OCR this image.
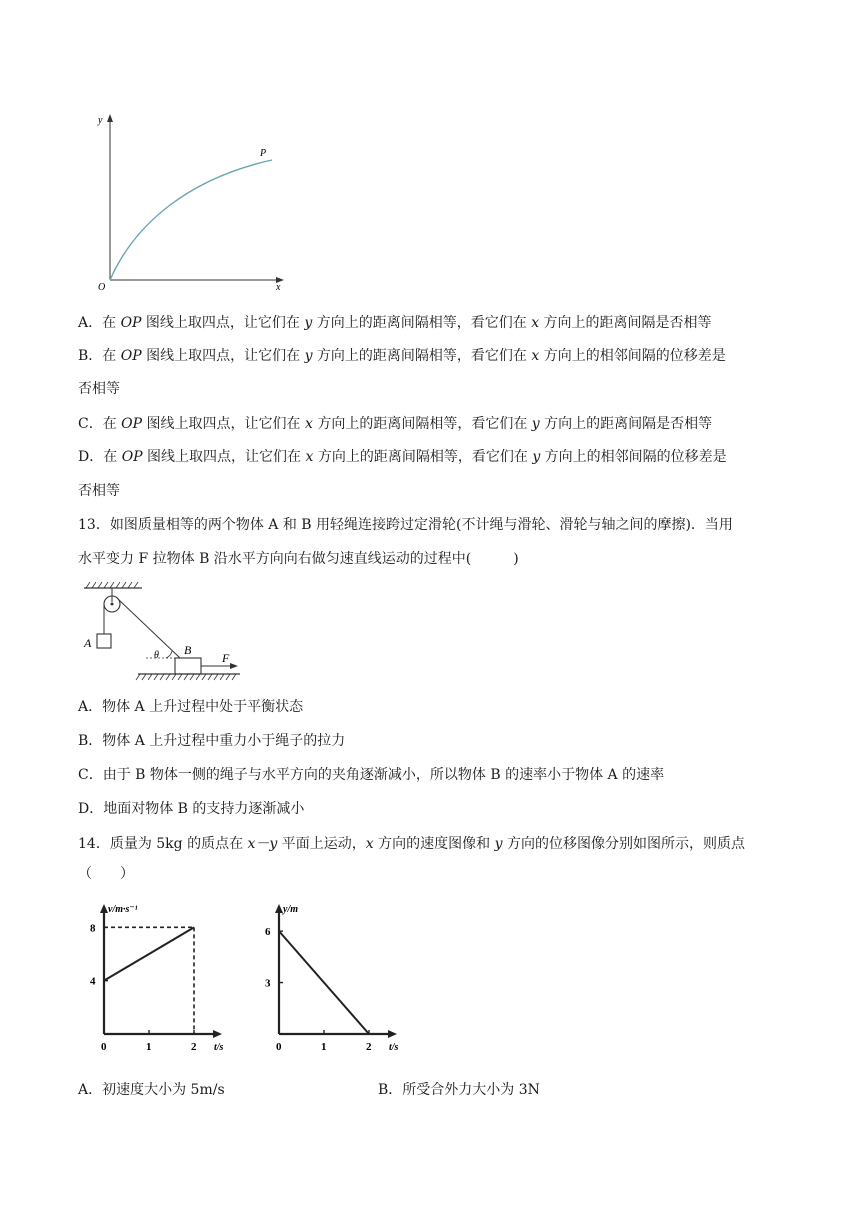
y
x
O
P
A．在 OP 图线上取四点，让它们在 y 方向上的距离间隔相等，看它们在 x 方向上的距离间隔是否相等
B．在 OP 图线上取四点，让它们在 y 方向上的距离间隔相等，看它们在 x 方向上的相邻间隔的位移差是
否相等
C．在 OP 图线上取四点，让它们在 x 方向上的距离间隔相等，看它们在 y 方向上的距离间隔是否相等
D．在 OP 图线上取四点，让它们在 x 方向上的距离间隔相等，看它们在 y 方向上的相邻间隔的位移差是
否相等
13．如图质量相等的两个物体 A 和 B 用轻绳连接跨过定滑轮(不计绳与滑轮、滑轮与轴之间的摩擦)．当用
水平变力 F 拉物体 B 沿水平方向向右做匀速直线运动的过程中(　　　)
A	B
θ	F
A．物体 A 上升过程中处于平衡状态
B．物体 A 上升过程中重力小于绳子的拉力
C．由于 B 物体一侧的绳子与水平方向的夹角逐渐减小，所以物体 B 的速率小于物体 A 的速率
D．地面对物体 B 的支持力逐渐减小
14．质量为 5kg 的质点在 x－y 平面上运动，x 方向的速度图像和 y 方向的位移图像分别如图所示，则质点
（　　）
v/m·s⁻¹
t/s
0	1	2
4
8
y/m
t/s
0	1	2
3
6
A．初速度大小为 5m/s	B．所受合外力大小为 3N
